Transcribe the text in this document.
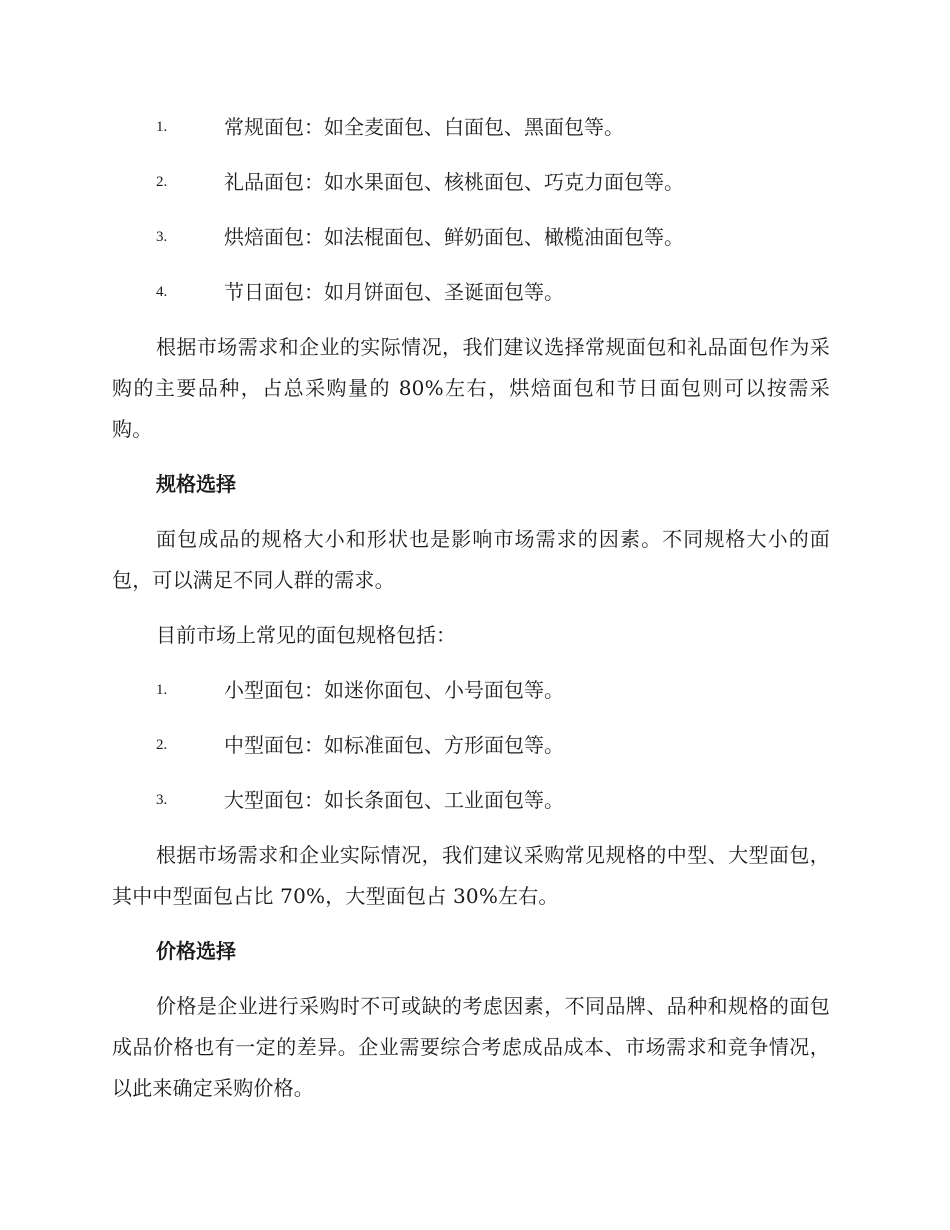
1.	常规面包：如全麦面包、白面包、黑面包等。
2.	礼品面包：如水果面包、核桃面包、巧克力面包等。
3.	烘焙面包：如法棍面包、鲜奶面包、橄榄油面包等。
4.	节日面包：如月饼面包、圣诞面包等。

根据市场需求和企业的实际情况，我们建议选择常规面包和礼品面包作为采购的主要品种，占总采购量的 80%左右，烘焙面包和节日面包则可以按需采购。

规格选择

面包成品的规格大小和形状也是影响市场需求的因素。不同规格大小的面包，可以满足不同人群的需求。

目前市场上常见的面包规格包括：
1.	小型面包：如迷你面包、小号面包等。
2.	中型面包：如标准面包、方形面包等。
3.	大型面包：如长条面包、工业面包等。

根据市场需求和企业实际情况，我们建议采购常见规格的中型、大型面包，其中中型面包占比 70%，大型面包占 30%左右。

价格选择

价格是企业进行采购时不可或缺的考虑因素，不同品牌、品种和规格的面包成品价格也有一定的差异。企业需要综合考虑成品成本、市场需求和竞争情况，以此来确定采购价格。
